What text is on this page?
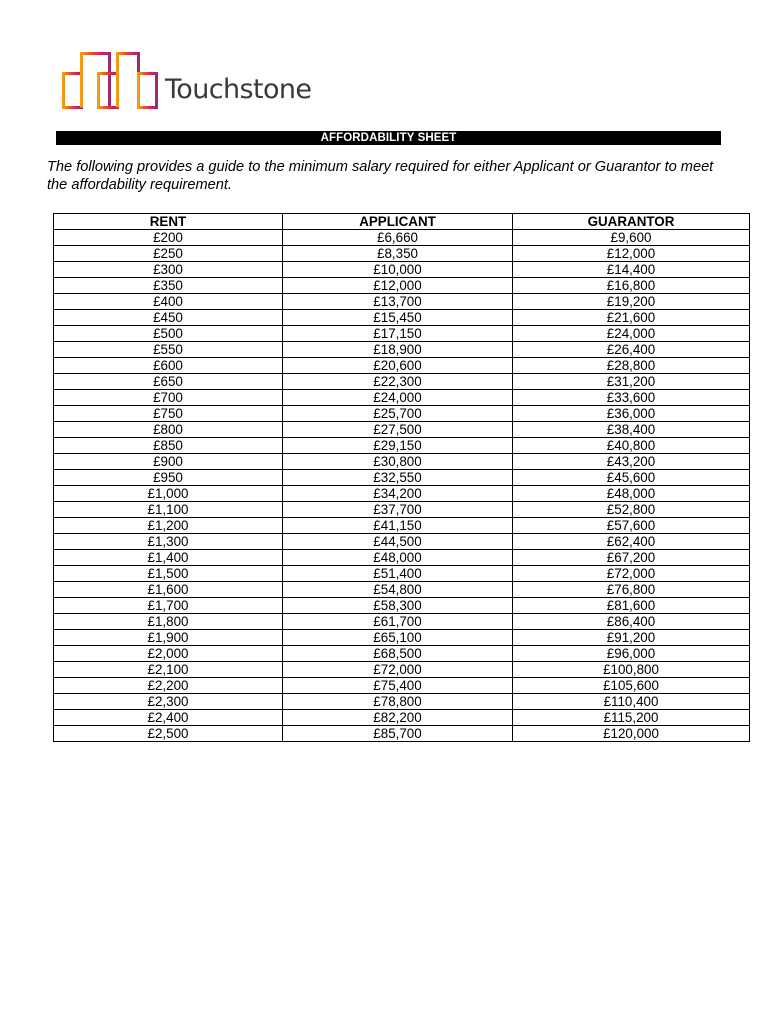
Touchstone
AFFORDABILITY SHEET
The following provides a guide to the minimum salary required for either Applicant or Guarantor to meet the affordability requirement.
RENT	APPLICANT	GUARANTOR
£200	£6,660	£9,600
£250	£8,350	£12,000
£300	£10,000	£14,400
£350	£12,000	£16,800
£400	£13,700	£19,200
£450	£15,450	£21,600
£500	£17,150	£24,000
£550	£18,900	£26,400
£600	£20,600	£28,800
£650	£22,300	£31,200
£700	£24,000	£33,600
£750	£25,700	£36,000
£800	£27,500	£38,400
£850	£29,150	£40,800
£900	£30,800	£43,200
£950	£32,550	£45,600
£1,000	£34,200	£48,000
£1,100	£37,700	£52,800
£1,200	£41,150	£57,600
£1,300	£44,500	£62,400
£1,400	£48,000	£67,200
£1,500	£51,400	£72,000
£1,600	£54,800	£76,800
£1,700	£58,300	£81,600
£1,800	£61,700	£86,400
£1,900	£65,100	£91,200
£2,000	£68,500	£96,000
£2,100	£72,000	£100,800
£2,200	£75,400	£105,600
£2,300	£78,800	£110,400
£2,400	£82,200	£115,200
£2,500	£85,700	£120,000
